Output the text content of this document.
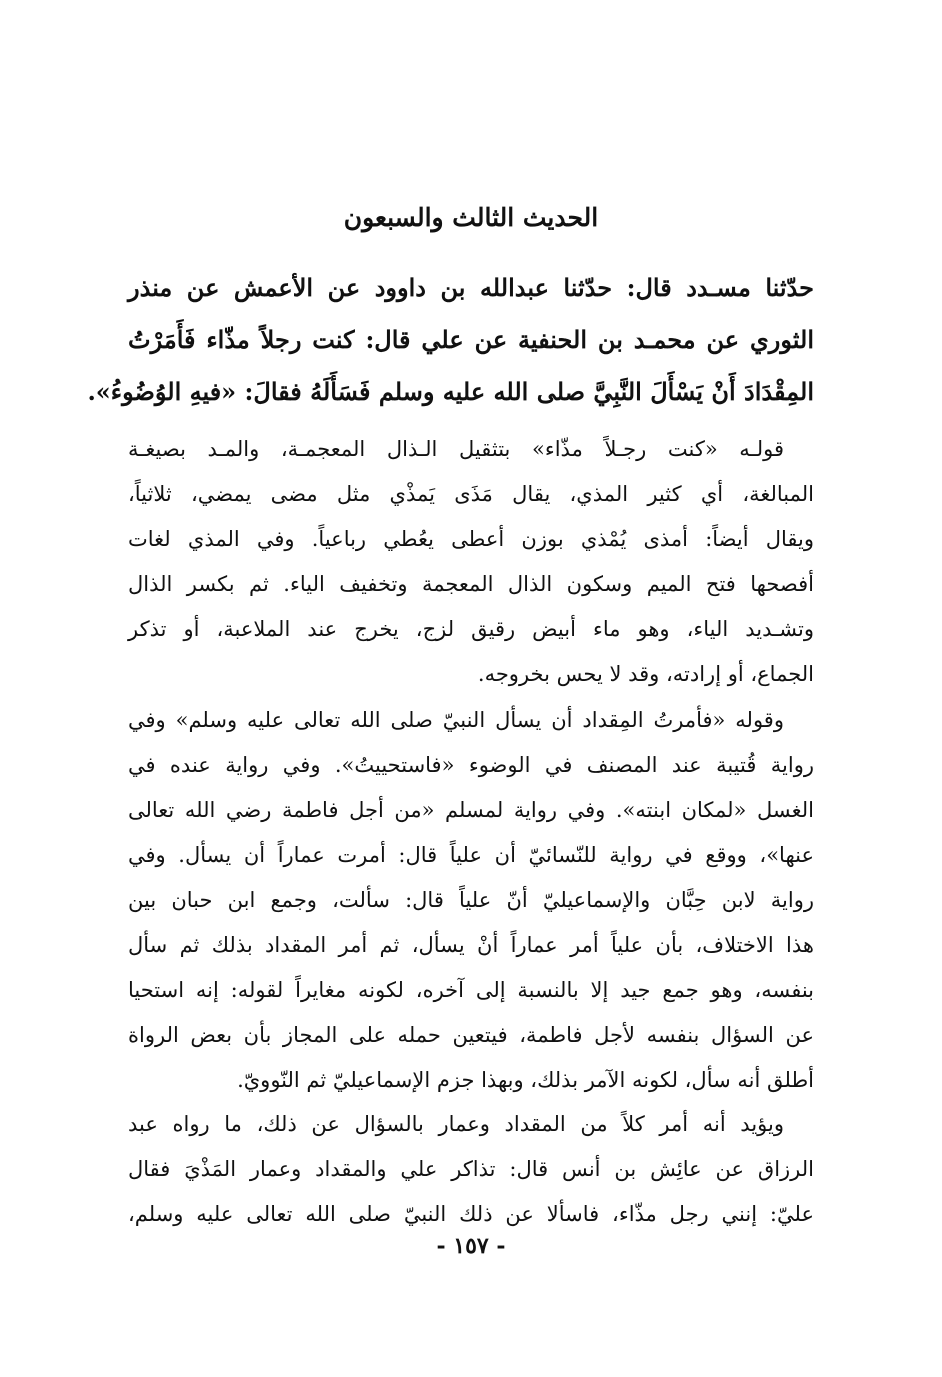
الحديث الثالث والسبعون

حدّثنا مسـدد قال: حدّثنا عبدالله بن داوود عن الأعمش عن منذر
الثوري عن محمـد بن الحنفية عن علي قال: كنت رجلاً مذّاء فَأَمَرْتُ
المِقْدَادَ أَنْ يَسْأَلَ النَّبِيَّ صلى الله عليه وسلم فَسَأَلَهُ فقالَ: «فيهِ الوُضُوءُ».

قولـه «كنت رجـلاً مذّاء» بتثقيل الـذال المعجمـة، والمـد بصيغـة
المبالغة، أي كثير المذي، يقال مَذَى يَمذْي مثل مضى يمضي، ثلاثياً،
ويقال أيضاً: أمذى يُمْذي بوزن أعطى يعُطي رباعياً. وفي المذي لغات
أفصحها فتح الميم وسكون الذال المعجمة وتخفيف الياء. ثم بكسر الذال
وتشـديد الياء، وهو ماء أبيض رقيق لزج، يخرج عند الملاعبة، أو تذكر
الجماع، أو إرادته، وقد لا يحس بخروجه.

وقوله «فأمرتُ المِقداد أن يسأل النبيّ صلى الله تعالى عليه وسلم» وفي
رواية قُتيبة عند المصنف في الوضوء «فاستحييتُ». وفي رواية عنده في
الغسل «لمكان ابنته». وفي رواية لمسلم «من أجل فاطمة رضي الله تعالى
عنها»، ووقع في رواية للنّسائيّ أن علياً قال: أمرت عماراً أن يسأل. وفي
رواية لابن حِبَّان والإسماعيليّ أنّ علياً قال: سألت، وجمع ابن حبان بين
هذا الاختلاف، بأن علياً أمر عماراً أنْ يسأل، ثم أمر المقداد بذلك ثم سأل
بنفسه، وهو جمع جيد إلا بالنسبة إلى آخره، لكونه مغايراً لقوله: إنه استحيا
عن السؤال بنفسه لأجل فاطمة، فيتعين حمله على المجاز بأن بعض الرواة
أطلق أنه سأل، لكونه الآمر بذلك، وبهذا جزم الإسماعيليّ ثم النّوويّ.

ويؤيد أنه أمر كلاً من المقداد وعمار بالسؤال عن ذلك، ما رواه عبد
الرزاق عن عائِش بن أنس قال: تذاكر علي والمقداد وعمار المَذْيَ فقال
عليّ: إنني رجل مذّاء، فاسألا عن ذلك النبيّ صلى الله تعالى عليه وسلم،

- ١٥٧ -
